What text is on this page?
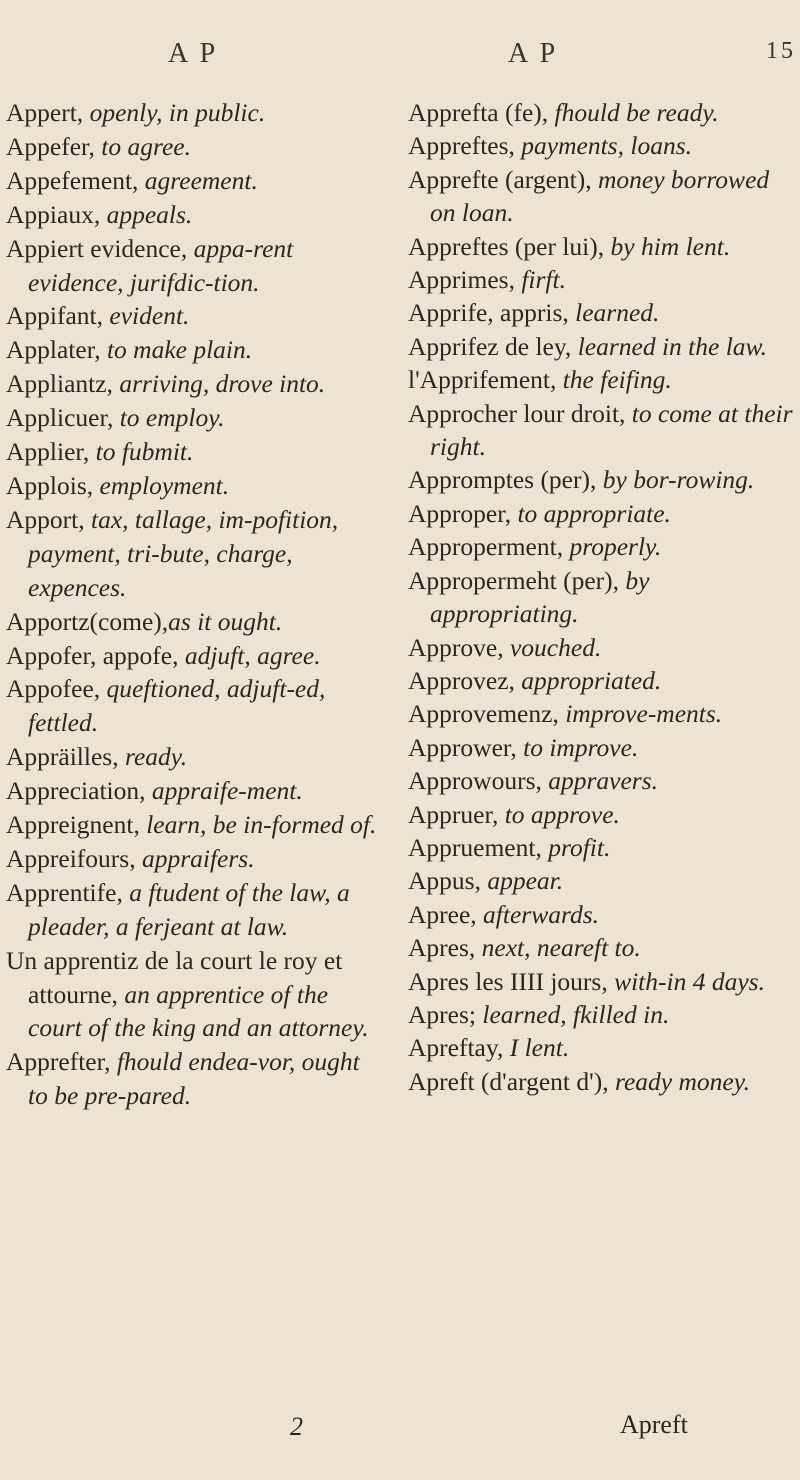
A P	A P	15
Appert, openly, in public.
Appefer, to agree.
Appefement, agreement.
Appiaux, appeals.
Appiert evidence, appa-rent evidence, jurifdic-tion.
Appifant, evident.
Applater, to make plain.
Appliantz, arriving, drove into.
Applicuer, to employ.
Applier, to fubmit.
Applois, employment.
Apport, tax, tallage, im-pofition, payment, tri-bute, charge, expences.
Apportz(come),as it ought.
Appofer, appofe, adjuft, agree.
Appofee, queftioned, adjuft-ed, fettled.
Appräilles, ready.
Appreciation, appraife-ment.
Appreignent, learn, be in-formed of.
Appreifours, appraifers.
Apprentife, a ftudent of the law, a pleader, a ferjeant at law.
Un apprentiz de la court le roy et attourne, an apprentice of the court of the king and an attorney.
Apprefter, fhould endea-vor, ought to be pre-pared.
Apprefta (fe), fhould be ready.
Appreftes, payments, loans.
Apprefte (argent), money borrowed on loan.
Appreftes (per lui), by him lent.
Apprimes, firft.
Apprife, appris, learned.
Apprifez de ley, learned in the law.
l'Apprifement, the feifing.
Approcher lour droit, to come at their right.
Appromptes (per), by bor-rowing.
Approper, to appropriate.
Approperment, properly.
Appropermeht (per), by appropriating.
Approve, vouched.
Approvez, appropriated.
Approvemenz, improve-ments.
Apprower, to improve.
Approwours, appravers.
Appruer, to approve.
Appruement, profit.
Appus, appear.
Apree, afterwards.
Apres, next, neareft to.
Apres les IIII jours, with-in 4 days.
Apres; learned, fkilled in.
Apreftay, I lent.
Apreft (d'argent d'), ready money.
2	Apreft
